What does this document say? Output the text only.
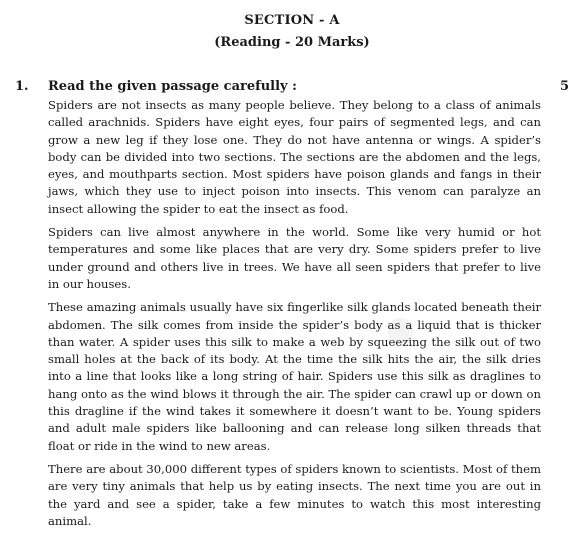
SECTION - A
(Reading - 20 Marks)
1. Read the given passage carefully :	5

Spiders are not insects as many people believe. They belong to a class of animals called arachnids. Spiders have eight eyes, four pairs of segmented legs, and can grow a new leg if they lose one. They do not have antenna or wings. A spider’s body can be divided into two sections. The sections are the abdomen and the legs, eyes, and mouthparts section. Most spiders have poison glands and fangs in their jaws, which they use to inject poison into insects. This venom can paralyze an insect allowing the spider to eat the insect as food.

Spiders can live almost anywhere in the world. Some like very humid or hot temperatures and some like places that are very dry. Some spiders prefer to live under ground and others live in trees. We have all seen spiders that prefer to live in our houses.

These amazing animals usually have six fingerlike silk glands located beneath their abdomen. The silk comes from inside the spider’s body as a liquid that is thicker than water. A spider uses this silk to make a web by squeezing the silk out of two small holes at the back of its body. At the time the silk hits the air, the silk dries into a line that looks like a long string of hair. Spiders use this silk as draglines to hang onto as the wind blows it through the air. The spider can crawl up or down on this dragline if the wind takes it somewhere it doesn’t want to be. Young spiders and adult male spiders like ballooning and can release long silken threads that float or ride in the wind to new areas.

There are about 30,000 different types of spiders known to scientists. Most of them are very tiny animals that help us by eating insects. The next time you are out in the yard and see a spider, take a few minutes to watch this most interesting animal.

●
